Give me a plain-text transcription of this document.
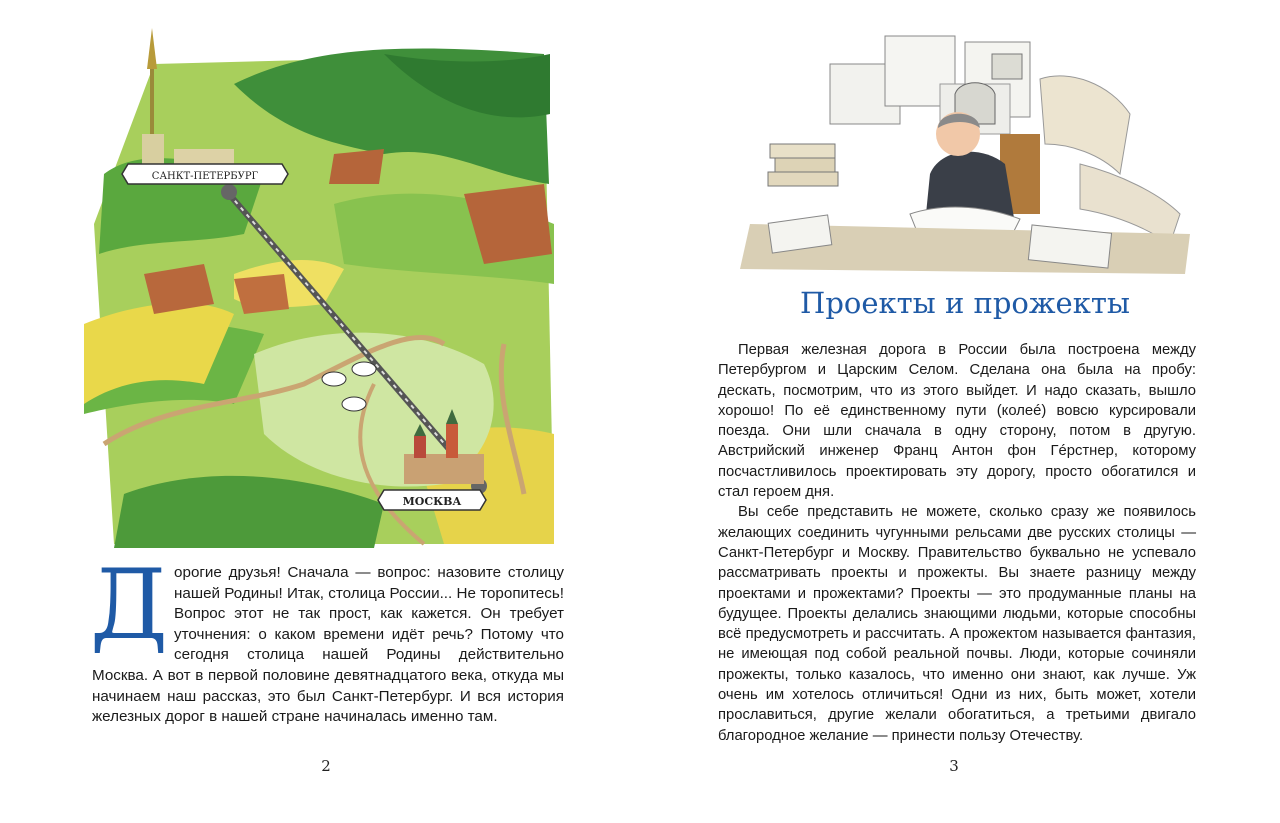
САНКТ-ПЕТЕРБУРГ
МОСКВА
Дорогие друзья! Сначала — вопрос: назовите столицу нашей Родины! Итак, столица России... Не торопитесь! Вопрос этот не так прост, как кажется. Он требует уточнения: о каком времени идёт речь? Потому что сегодня столица нашей Родины действительно Москва. А вот в первой половине девятнадцатого века, откуда мы начинаем наш рассказ, это был Санкт-Петербург. И вся история железных дорог в нашей стране начиналась именно там.
2
Проекты и прожекты

Первая железная дорога в России была построена между Петербургом и Царским Селом. Сделана она была на пробу: дескать, посмотрим, что из этого выйдет. И надо сказать, вышло хорошо! По её единственному пути (колеé) вовсю курсировали поезда. Они шли сначала в одну сторону, потом в другую. Австрийский инженер Франц Антон фон Гéрстнер, которому посчастливилось проектировать эту дорогу, просто обогатился и стал героем дня.

Вы себе представить не можете, сколько сразу же появилось желающих соединить чугунными рельсами две русских столицы — Санкт-Петербург и Москву. Правительство буквально не успевало рассматривать проекты и прожекты. Вы знаете разницу между проектами и прожектами? Проекты — это продуманные планы на будущее. Проекты делались знающими людьми, которые способны всё предусмотреть и рассчитать. А прожектом называется фантазия, не имеющая под собой реальной почвы. Люди, которые сочиняли прожекты, только казалось, что именно они знают, как лучше. Уж очень им хотелось отличиться! Одни из них, быть может, хотели прославиться, другие желали обогатиться, а третьими двигало благородное желание — принести пользу Отечеству.

3
